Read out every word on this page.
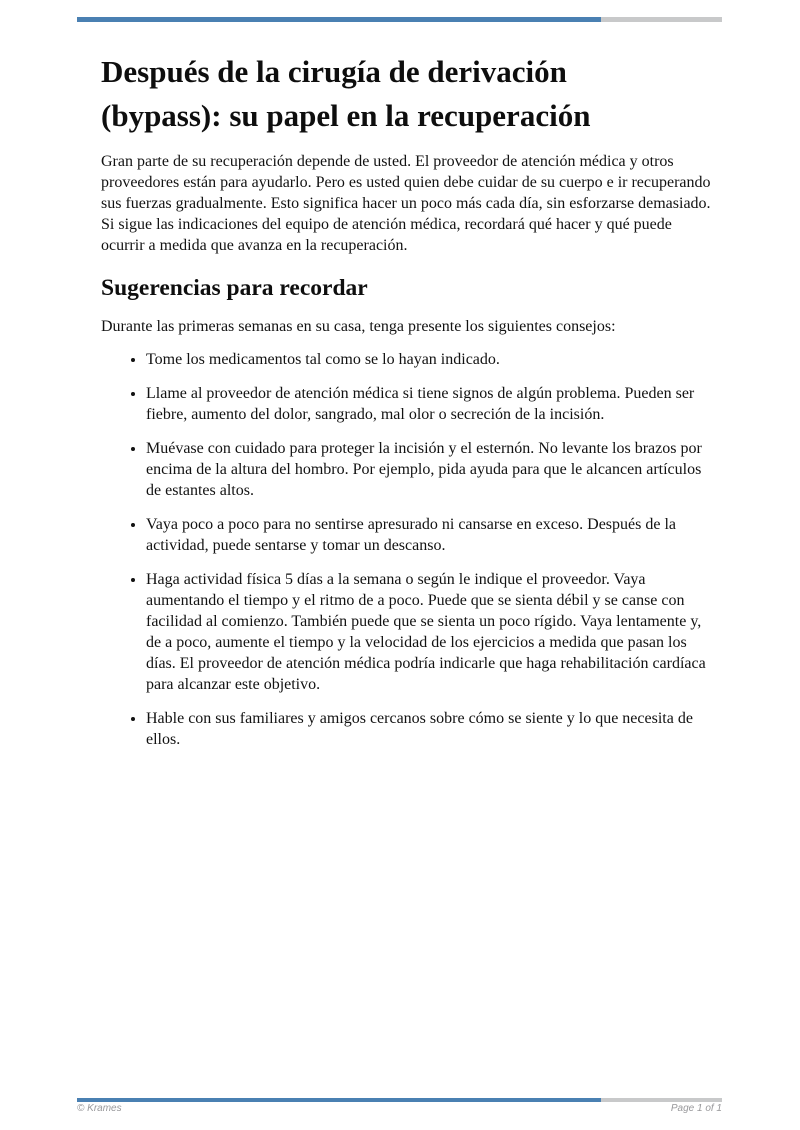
Después de la cirugía de derivación (bypass): su papel en la recuperación

Gran parte de su recuperación depende de usted. El proveedor de atención médica y otros proveedores están para ayudarlo. Pero es usted quien debe cuidar de su cuerpo e ir recuperando sus fuerzas gradualmente. Esto significa hacer un poco más cada día, sin esforzarse demasiado. Si sigue las indicaciones del equipo de atención médica, recordará qué hacer y qué puede ocurrir a medida que avanza en la recuperación.

Sugerencias para recordar

Durante las primeras semanas en su casa, tenga presente los siguientes consejos:

• Tome los medicamentos tal como se lo hayan indicado.
• Llame al proveedor de atención médica si tiene signos de algún problema. Pueden ser fiebre, aumento del dolor, sangrado, mal olor o secreción de la incisión.
• Muévase con cuidado para proteger la incisión y el esternón. No levante los brazos por encima de la altura del hombro. Por ejemplo, pida ayuda para que le alcancen artículos de estantes altos.
• Vaya poco a poco para no sentirse apresurado ni cansarse en exceso. Después de la actividad, puede sentarse y tomar un descanso.
• Haga actividad física 5 días a la semana o según le indique el proveedor. Vaya aumentando el tiempo y el ritmo de a poco. Puede que se sienta débil y se canse con facilidad al comienzo. También puede que se sienta un poco rígido. Vaya lentamente y, de a poco, aumente el tiempo y la velocidad de los ejercicios a medida que pasan los días. El proveedor de atención médica podría indicarle que haga rehabilitación cardíaca para alcanzar este objetivo.
• Hable con sus familiares y amigos cercanos sobre cómo se siente y lo que necesita de ellos.
© Krames	Page 1 of 1
